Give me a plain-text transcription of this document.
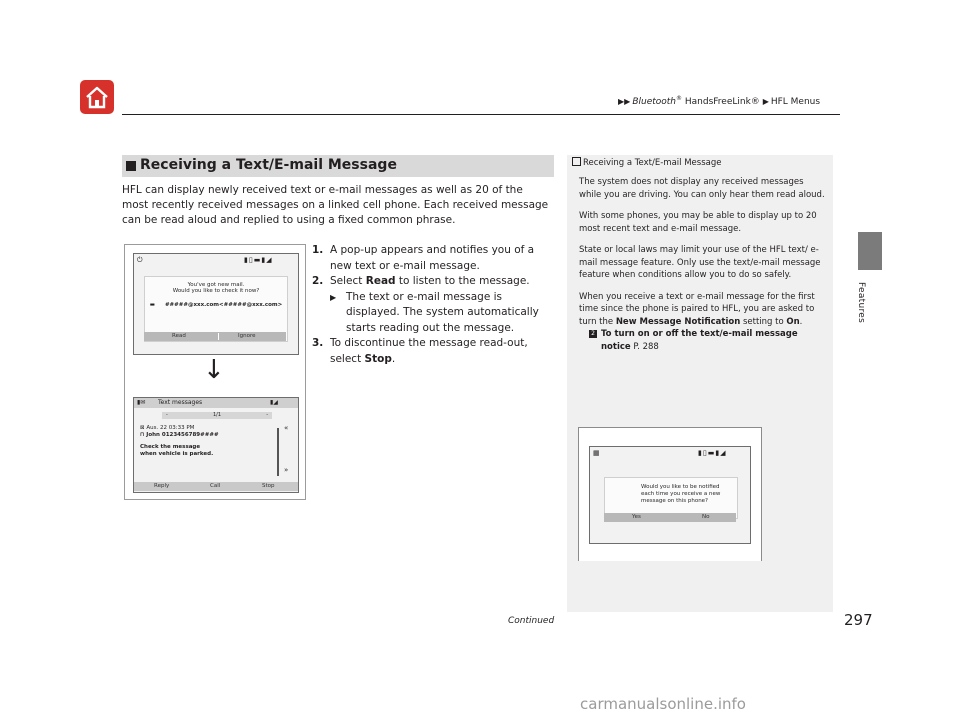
▶▶ Bluetooth® HandsFreeLink® ▶ HFL Menus
Features
Receiving a Text/E-mail Message
HFL can display newly received text or e-mail messages as well as 20 of the most recently received messages on a linked cell phone. Each received message can be read aloud and replied to using a fixed common phrase.
⏻	▮▯▬▮◢
You've got new mail.
Would you like to check it now?
▬ #####@xxx.com<#####@xxx.com>
Read	Ignore
↓
▮✉ Text messages	▮◢
-	1/1	-
⊠ Aus. 22 03:33 PM
⊓ John 0123456789####
Check the message
when vehicle is parked.
«
»
Reply	Call	Stop
1. A pop-up appears and notifies you of a new text or e-mail message.
2. Select Read to listen to the message.
▶ The text or e-mail message is displayed. The system automatically starts reading out the message.
3. To discontinue the message read-out, select Stop.
Receiving a Text/E-mail Message

The system does not display any received messages while you are driving. You can only hear them read aloud.

With some phones, you may be able to display up to 20 most recent text and e-mail message.

State or local laws may limit your use of the HFL text/ e-mail message feature. Only use the text/e-mail message feature when conditions allow you to do so safely.

When you receive a text or e-mail message for the first time since the phone is paired to HFL, you are asked to turn the New Message Notification setting to On.

2 To turn on or off the text/e-mail message notice P. 288
▦	▮▯▬▮◢
Would you like to be notified
each time you receive a new
message on this phone?
Yes	No
Continued	297
carmanualsonline.info
